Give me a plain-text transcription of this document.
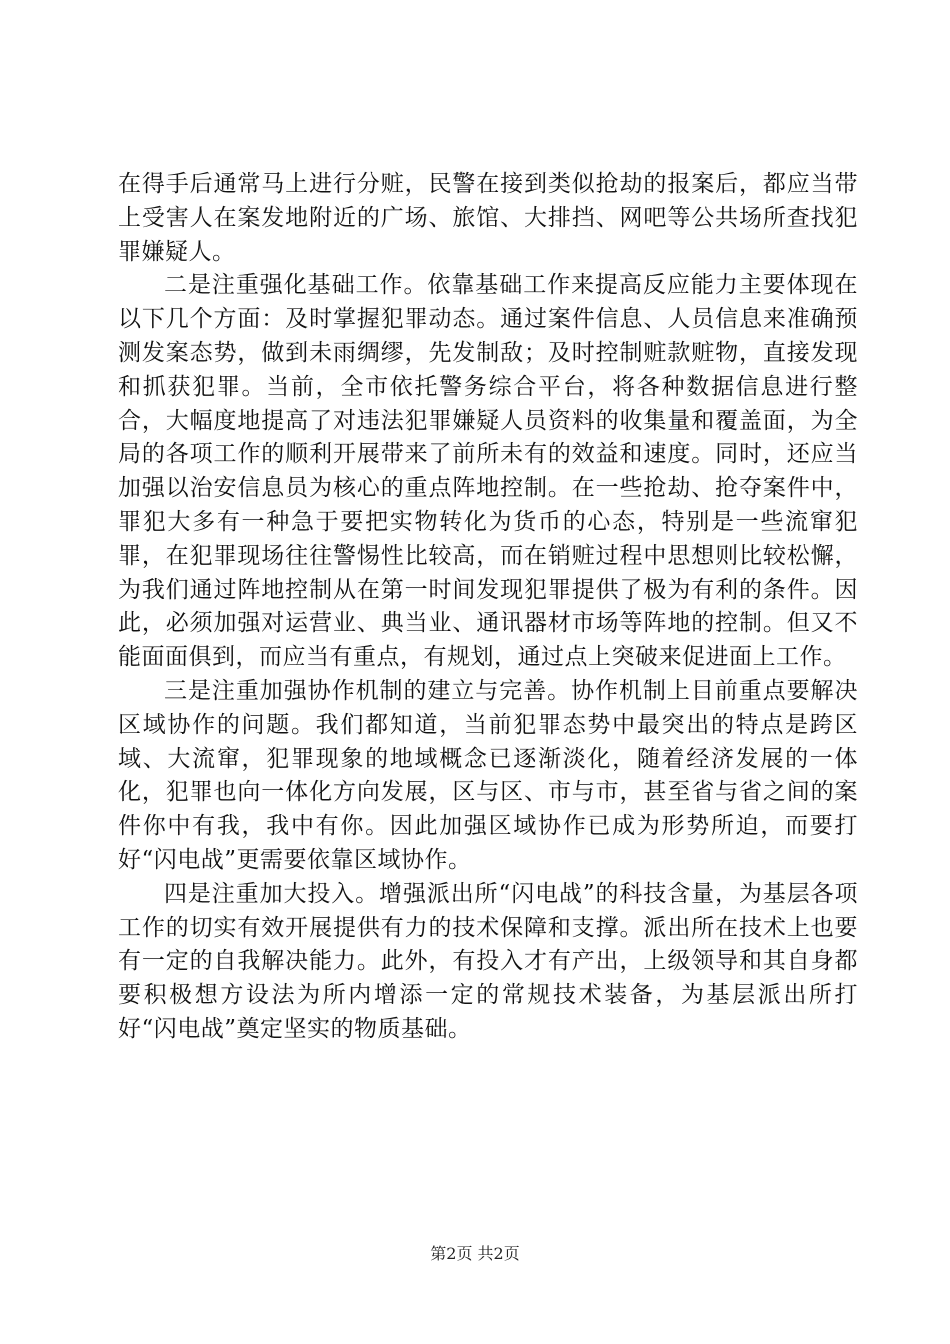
在得手后通常马上进行分赃，民警在接到类似抢劫的报案后，都应当带上受害人在案发地附近的广场、旅馆、大排挡、网吧等公共场所查找犯罪嫌疑人。

二是注重强化基础工作。依靠基础工作来提高反应能力主要体现在以下几个方面：及时掌握犯罪动态。通过案件信息、人员信息来准确预测发案态势，做到未雨绸缪，先发制敌；及时控制赃款赃物，直接发现和抓获犯罪。当前，全市依托警务综合平台，将各种数据信息进行整合，大幅度地提高了对违法犯罪嫌疑人员资料的收集量和覆盖面，为全局的各项工作的顺利开展带来了前所未有的效益和速度。同时，还应当加强以治安信息员为核心的重点阵地控制。在一些抢劫、抢夺案件中，罪犯大多有一种急于要把实物转化为货币的心态，特别是一些流窜犯罪，在犯罪现场往往警惕性比较高，而在销赃过程中思想则比较松懈，为我们通过阵地控制从在第一时间发现犯罪提供了极为有利的条件。因此，必须加强对运营业、典当业、通讯器材市场等阵地的控制。但又不能面面俱到，而应当有重点，有规划，通过点上突破来促进面上工作。

三是注重加强协作机制的建立与完善。协作机制上目前重点要解决区域协作的问题。我们都知道，当前犯罪态势中最突出的特点是跨区域、大流窜，犯罪现象的地域概念已逐渐淡化，随着经济发展的一体化，犯罪也向一体化方向发展，区与区、市与市，甚至省与省之间的案件你中有我，我中有你。因此加强区域协作已成为形势所迫，而要打好“闪电战”更需要依靠区域协作。

四是注重加大投入。增强派出所“闪电战”的科技含量，为基层各项工作的切实有效开展提供有力的技术保障和支撑。派出所在技术上也要有一定的自我解决能力。此外，有投入才有产出，上级领导和其自身都要积极想方设法为所内增添一定的常规技术装备，为基层派出所打好“闪电战”奠定坚实的物质基础。

第2页 共2页
